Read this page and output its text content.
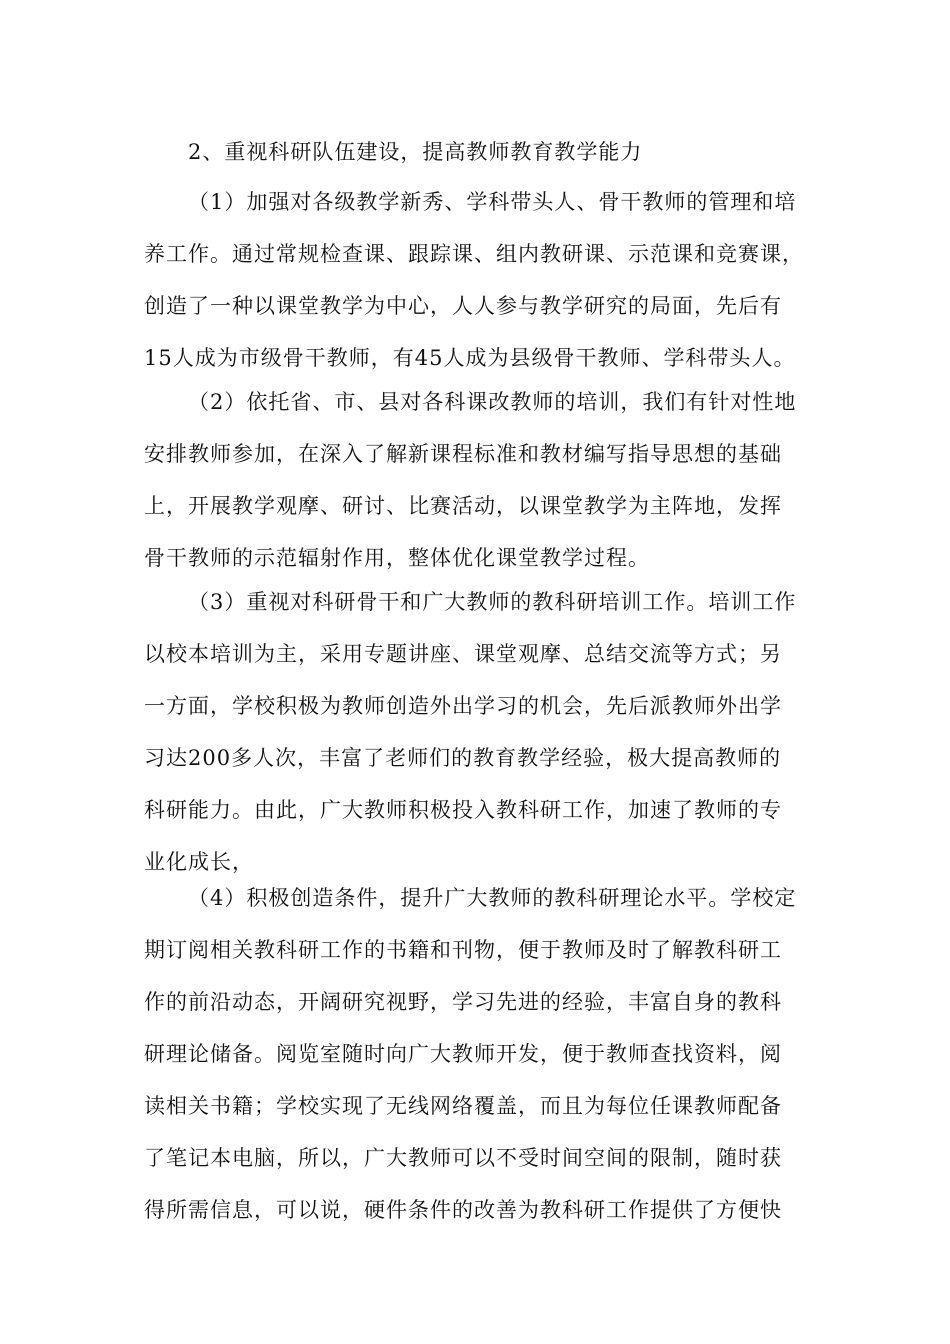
2、重视科研队伍建设，提高教师教育教学能力
（1）加强对各级教学新秀、学科带头人、骨干教师的管理和培
养工作。通过常规检查课、跟踪课、组内教研课、示范课和竞赛课，
创造了一种以课堂教学为中心，人人参与教学研究的局面，先后有
15人成为市级骨干教师，有45人成为县级骨干教师、学科带头人。
（2）依托省、市、县对各科课改教师的培训，我们有针对性地
安排教师参加，在深入了解新课程标准和教材编写指导思想的基础
上，开展教学观摩、研讨、比赛活动，以课堂教学为主阵地，发挥
骨干教师的示范辐射作用，整体优化课堂教学过程。
（3）重视对科研骨干和广大教师的教科研培训工作。培训工作
以校本培训为主，采用专题讲座、课堂观摩、总结交流等方式；另
一方面，学校积极为教师创造外出学习的机会，先后派教师外出学
习达200多人次，丰富了老师们的教育教学经验，极大提高教师的
科研能力。由此，广大教师积极投入教科研工作，加速了教师的专
业化成长，
（4）积极创造条件，提升广大教师的教科研理论水平。学校定
期订阅相关教科研工作的书籍和刊物，便于教师及时了解教科研工
作的前沿动态，开阔研究视野，学习先进的经验，丰富自身的教科
研理论储备。阅览室随时向广大教师开发，便于教师查找资料，阅
读相关书籍；学校实现了无线网络覆盖，而且为每位任课教师配备
了笔记本电脑，所以，广大教师可以不受时间空间的限制，随时获
得所需信息，可以说，硬件条件的改善为教科研工作提供了方便快
